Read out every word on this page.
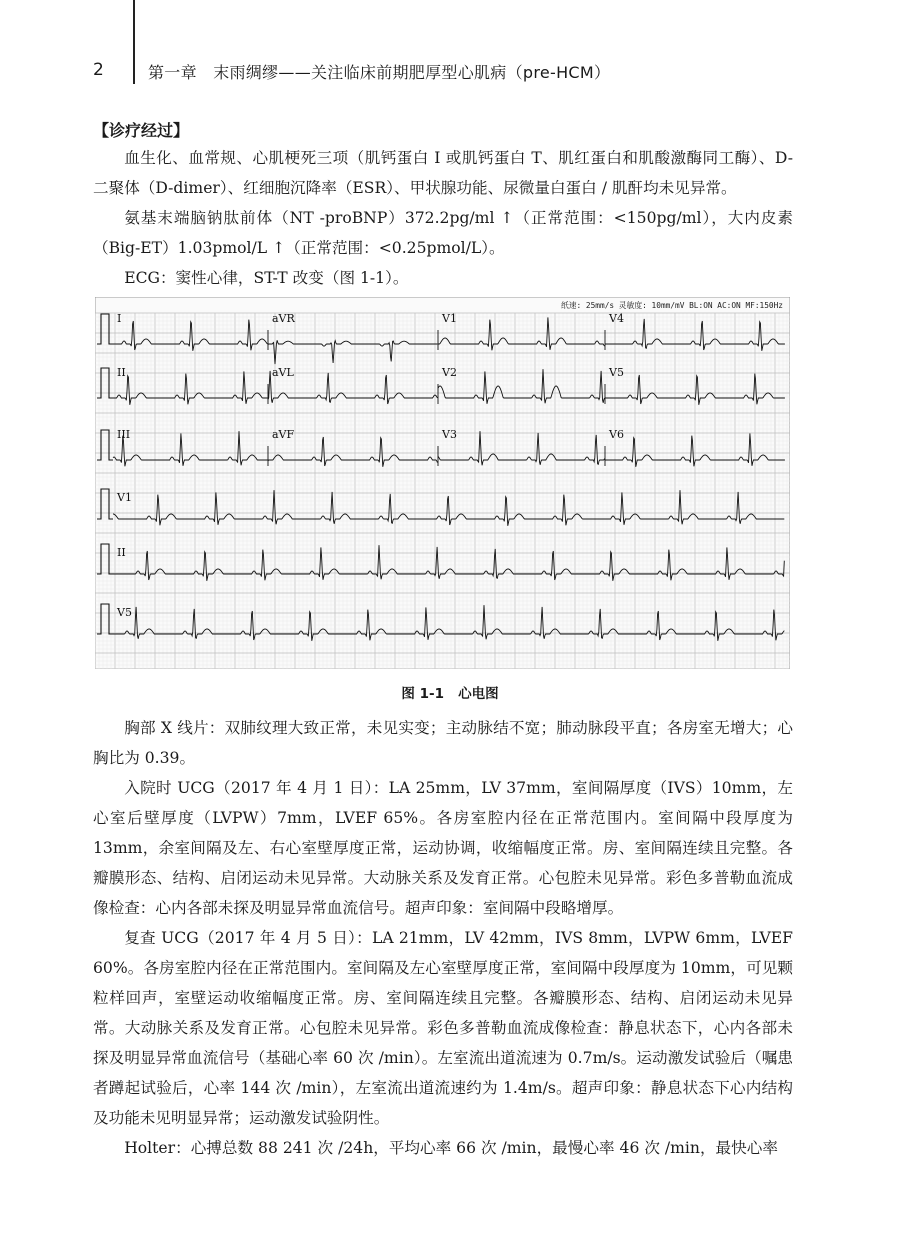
2	第一章　末雨绸缪——关注临床前期肥厚型心肌病（pre-HCM）
【诊疗经过】

血生化、血常规、心肌梗死三项（肌钙蛋白 I 或肌钙蛋白 T、肌红蛋白和肌酸激酶同工酶）、D- 二聚体（D-dimer）、红细胞沉降率（ESR）、甲状腺功能、尿微量白蛋白 / 肌酐均未见异常。

氨基末端脑钠肽前体（NT -proBNP）372.2pg/ml ↑（正常范围：<150pg/ml），大内皮素（Big-ET）1.03pmol/L ↑（正常范围：<0.25pmol/L）。

ECG：窦性心律，ST-T 改变（图 1-1）。

I	aVR	V1	V4
II	aVL	V2	V5
III	aVF	V3	V6
V1
II
V5
纸速: 25mm/s 灵敏度: 10mm/mV BL:ON AC:ON MF:150Hz
图 1-1   心电图

胸部 X 线片：双肺纹理大致正常，未见实变；主动脉结不宽；肺动脉段平直；各房室无增大；心胸比为 0.39。

入院时 UCG（2017 年 4 月 1 日）：LA 25mm，LV 37mm，室间隔厚度（IVS）10mm，左心室后壁厚度（LVPW）7mm，LVEF 65%。各房室腔内径在正常范围内。室间隔中段厚度为13mm，余室间隔及左、右心室壁厚度正常，运动协调，收缩幅度正常。房、室间隔连续且完整。各瓣膜形态、结构、启闭运动未见异常。大动脉关系及发育正常。心包腔未见异常。彩色多普勒血流成像检查：心内各部未探及明显异常血流信号。超声印象：室间隔中段略增厚。

复查 UCG（2017 年 4 月 5 日）：LA 21mm，LV 42mm，IVS 8mm，LVPW 6mm，LVEF 60%。各房室腔内径在正常范围内。室间隔及左心室壁厚度正常，室间隔中段厚度为 10mm，可见颗粒样回声，室壁运动收缩幅度正常。房、室间隔连续且完整。各瓣膜形态、结构、启闭运动未见异常。大动脉关系及发育正常。心包腔未见异常。彩色多普勒血流成像检查：静息状态下，心内各部未探及明显异常血流信号（基础心率 60 次 /min）。左室流出道流速为 0.7m/s。运动激发试验后（嘱患者蹲起试验后，心率 144 次 /min），左室流出道流速约为 1.4m/s。超声印象：静息状态下心内结构及功能未见明显异常；运动激发试验阴性。

Holter：心搏总数 88 241 次 /24h，平均心率 66 次 /min，最慢心率 46 次 /min，最快心率
